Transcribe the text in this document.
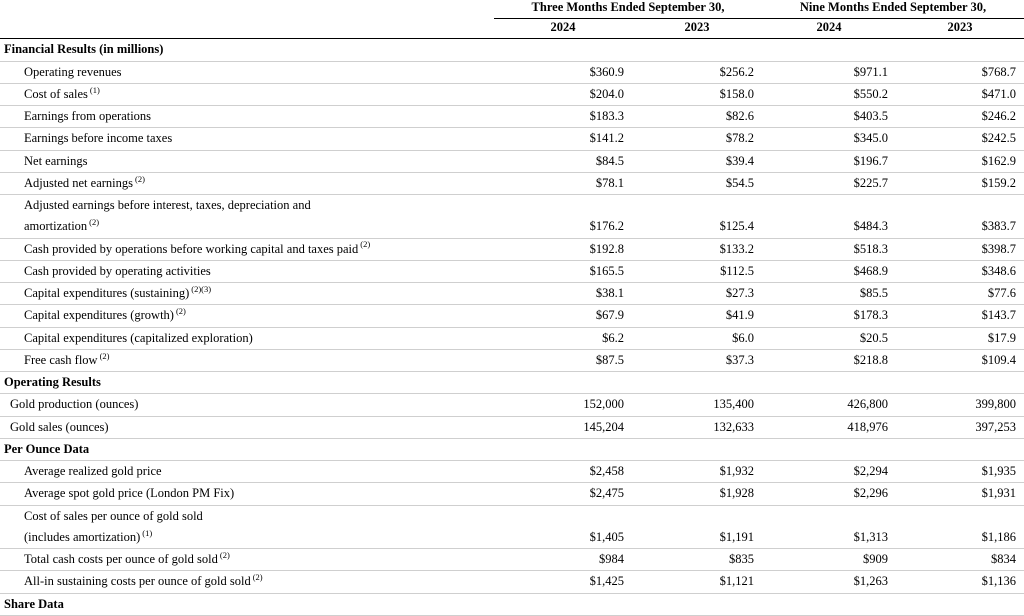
	Three Months Ended September 30,		Nine Months Ended September 30,	
	2024	2023	2024	2023
Financial Results (in millions)				
Operating revenues	$360.9	$256.2	$971.1	$768.7
Cost of sales $^{(1)}$	$204.0	$158.0	$550.2	$471.0
Earnings from operations	$183.3	$82.6	$403.5	$246.2
Earnings before income taxes	$141.2	$78.2	$345.0	$242.5
Net earnings	$84.5	$39.4	$196.7	$162.9
Adjusted net earnings $^{(2)}$	$78.1	$54.5	$225.7	$159.2
Adjusted earnings before interest, taxes, depreciation and				
amortization $^{(2)}$	$176.2	$125.4	$484.3	$383.7
Cash provided by operations before working capital and taxes paid $^{(2)}$	$192.8	$133.2	$518.3	$398.7
Cash provided by operating activities	$165.5	$112.5	$468.9	$348.6
Capital expenditures (sustaining) $^{(2)(3)}$	$38.1	$27.3	$85.5	$77.6
Capital expenditures (growth) $^{(2)}$	$67.9	$41.9	$178.3	$143.7
Capital expenditures (capitalized exploration)	$6.2	$6.0	$20.5	$17.9
Free cash flow $^{(2)}$	$87.5	$37.3	$218.8	$109.4
Operating Results				
Gold production (ounces)	152,000	135,400	426,800	399,800
Gold sales (ounces)	145,204	132,633	418,976	397,253
Per Ounce Data				
Average realized gold price	$2,458	$1,932	$2,294	$1,935
Average spot gold price (London PM Fix)	$2,475	$1,928	$2,296	$1,931
Cost of sales per ounce of gold sold				
(includes amortization) $^{(1)}$	$1,405	$1,191	$1,313	$1,186
Total cash costs per ounce of gold sold $^{(2)}$	$984	$835	$909	$834
All-in sustaining costs per ounce of gold sold $^{(2)}$	$1,425	$1,121	$1,263	$1,136
Share Data				
